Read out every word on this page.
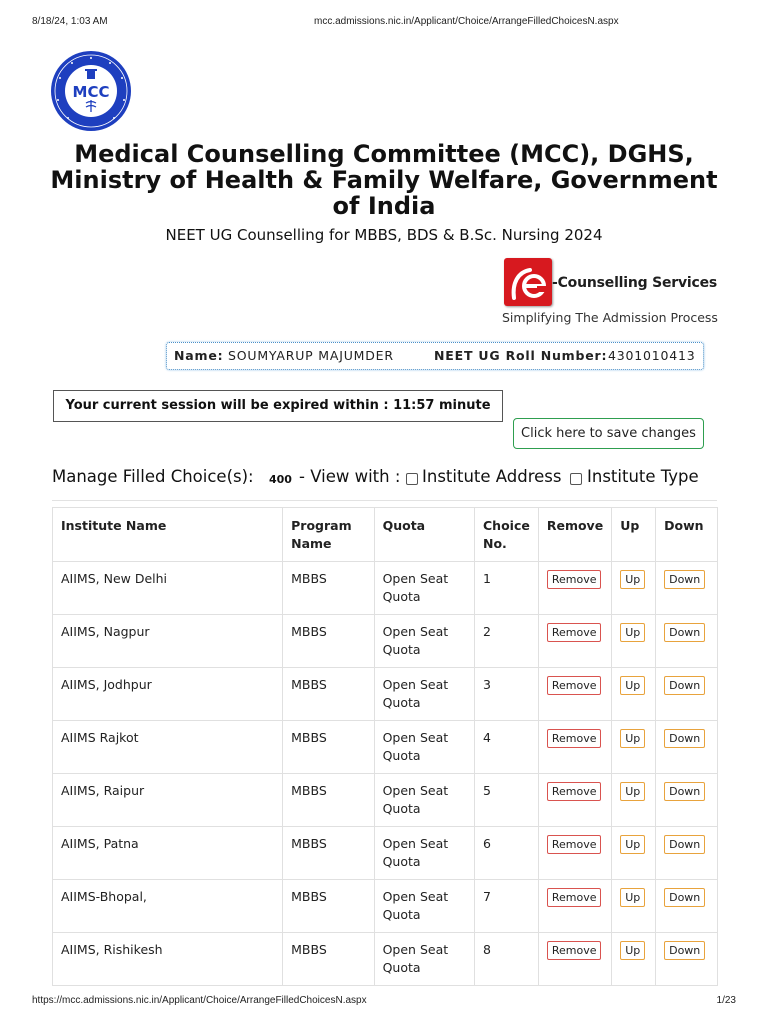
8/18/24, 1:03 AM	mcc.admissions.nic.in/Applicant/Choice/ArrangeFilledChoicesN.aspx
MCC
Medical Counselling Committee (MCC), DGHS, Ministry of Health & Family Welfare, Government of India
NEET UG Counselling for MBBS, BDS & B.Sc. Nursing 2024
-Counselling Services
Simplifying The Admission Process
Name: SOUMYARUP MAJUMDER	NEET UG Roll Number: 4301010413
Your current session will be expired within : 11:57 minute
Click here to save changes
Manage Filled Choice(s): 400 - View with : Institute Address Institute Type
Institute Name	Program Name	Quota	Choice No.	Remove	Up	Down
AIIMS, New Delhi	MBBS	Open Seat Quota	1	Remove	Up	Down
AIIMS, Nagpur	MBBS	Open Seat Quota	2	Remove	Up	Down
AIIMS, Jodhpur	MBBS	Open Seat Quota	3	Remove	Up	Down
AIIMS Rajkot	MBBS	Open Seat Quota	4	Remove	Up	Down
AIIMS, Raipur	MBBS	Open Seat Quota	5	Remove	Up	Down
AIIMS, Patna	MBBS	Open Seat Quota	6	Remove	Up	Down
AIIMS-Bhopal,	MBBS	Open Seat Quota	7	Remove	Up	Down
AIIMS, Rishikesh	MBBS	Open Seat Quota	8	Remove	Up	Down
https://mcc.admissions.nic.in/Applicant/Choice/ArrangeFilledChoicesN.aspx	1/23
